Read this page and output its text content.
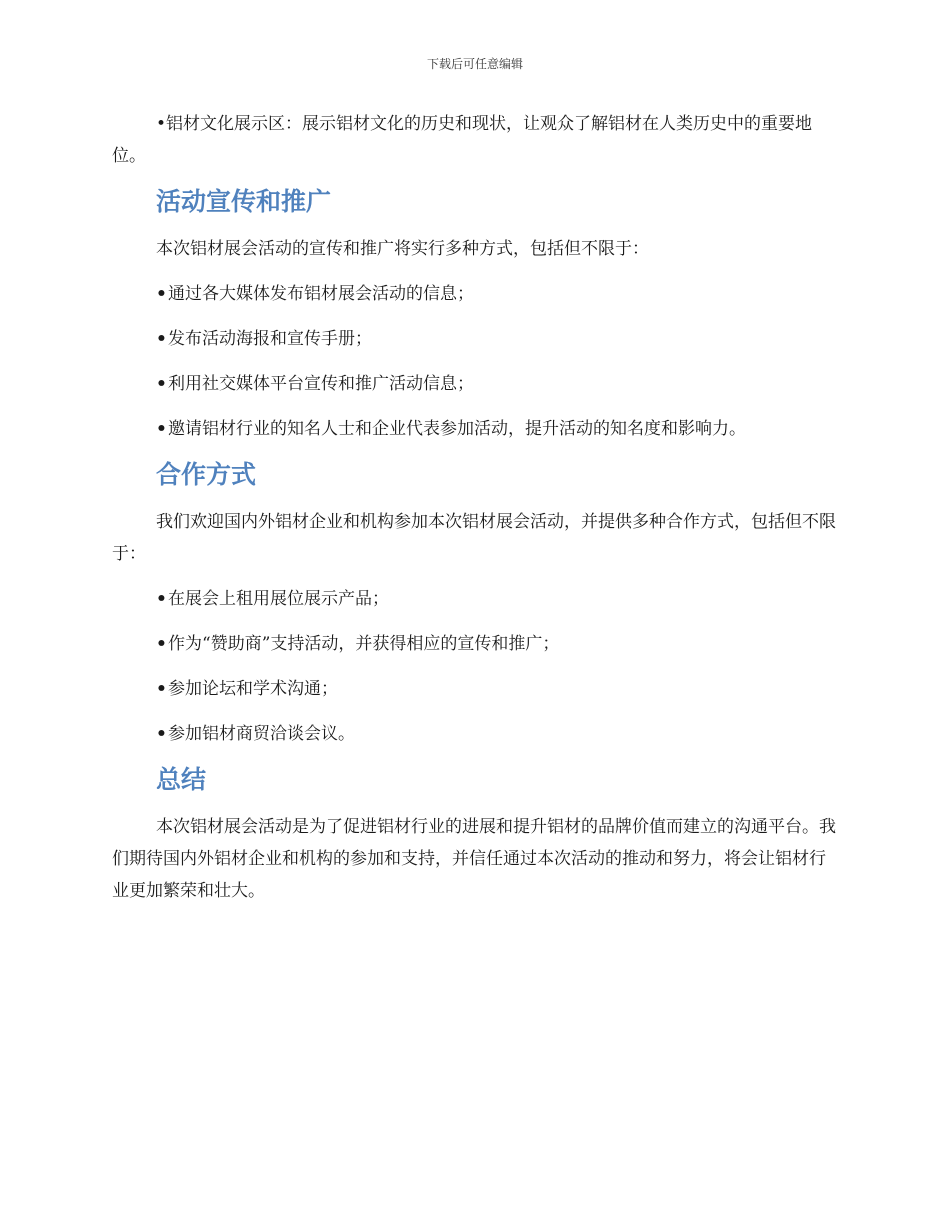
下载后可任意编辑

•铝材文化展示区：展示铝材文化的历史和现状，让观众了解铝材在人类历史中的重要地位。

活动宣传和推广

本次铝材展会活动的宣传和推广将实行多种方式，包括但不限于：

•通过各大媒体发布铝材展会活动的信息；
•发布活动海报和宣传手册；
•利用社交媒体平台宣传和推广活动信息；
•邀请铝材行业的知名人士和企业代表参加活动，提升活动的知名度和影响力。
合作方式

我们欢迎国内外铝材企业和机构参加本次铝材展会活动，并提供多种合作方式，包括但不限于：

•在展会上租用展位展示产品；
•作为“赞助商”支持活动，并获得相应的宣传和推广；
•参加论坛和学术沟通；
•参加铝材商贸洽谈会议。
总结

本次铝材展会活动是为了促进铝材行业的进展和提升铝材的品牌价值而建立的沟通平台。我们期待国内外铝材企业和机构的参加和支持，并信任通过本次活动的推动和努力，将会让铝材行业更加繁荣和壮大。
